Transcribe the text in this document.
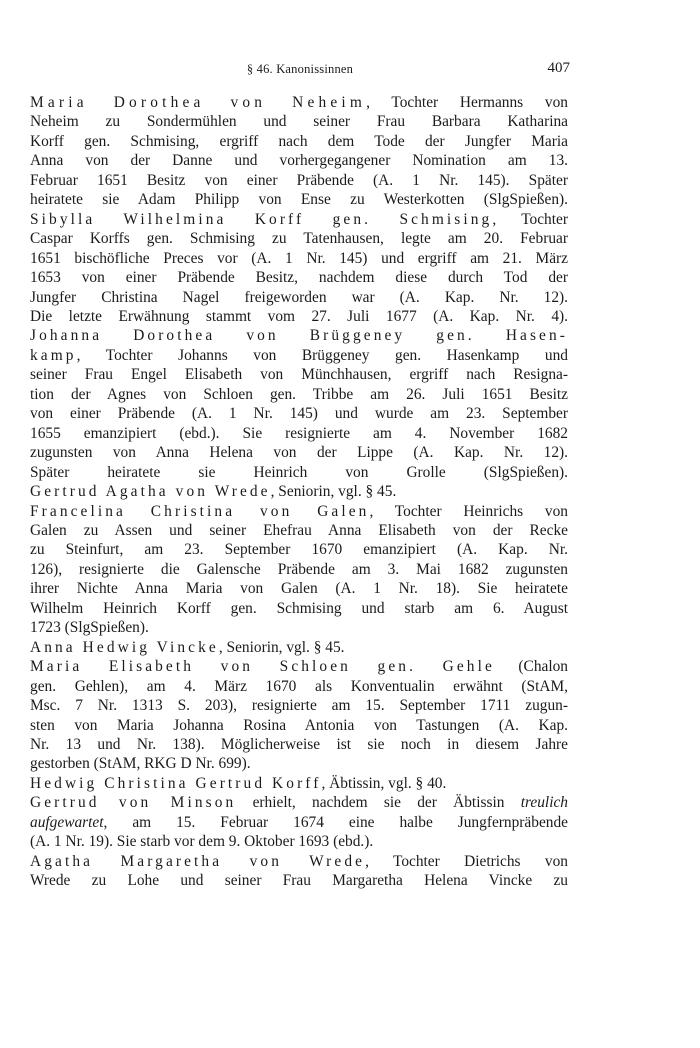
§ 46. Kanonissinnen	407
Maria Dorothea von Neheim, Tochter Hermanns von
Neheim zu Sondermühlen und seiner Frau Barbara Katharina
Korff gen. Schmising, ergriff nach dem Tode der Jungfer Maria
Anna von der Danne und vorhergegangener Nomination am 13.
Februar 1651 Besitz von einer Präbende (A. 1 Nr. 145). Später
heiratete sie Adam Philipp von Ense zu Westerkotten (SlgSpießen).
Sibylla Wilhelmina Korff gen. Schmising, Tochter
Caspar Korffs gen. Schmising zu Tatenhausen, legte am 20. Februar
1651 bischöfliche Preces vor (A. 1 Nr. 145) und ergriff am 21. März
1653 von einer Präbende Besitz, nachdem diese durch Tod der
Jungfer Christina Nagel freigeworden war (A. Kap. Nr. 12).
Die letzte Erwähnung stammt vom 27. Juli 1677 (A. Kap. Nr. 4).
Johanna Dorothea von Brüggeney gen. Hasen-
kamp, Tochter Johanns von Brüggeney gen. Hasenkamp und
seiner Frau Engel Elisabeth von Münchhausen, ergriff nach Resigna-
tion der Agnes von Schloen gen. Tribbe am 26. Juli 1651 Besitz
von einer Präbende (A. 1 Nr. 145) und wurde am 23. September
1655 emanzipiert (ebd.). Sie resignierte am 4. November 1682
zugunsten von Anna Helena von der Lippe (A. Kap. Nr. 12).
Später heiratete sie Heinrich von Grolle (SlgSpießen).
Gertrud Agatha von Wrede, Seniorin, vgl. § 45.
Francelina Christina von Galen, Tochter Heinrichs von
Galen zu Assen und seiner Ehefrau Anna Elisabeth von der Recke
zu Steinfurt, am 23. September 1670 emanzipiert (A. Kap. Nr.
126), resignierte die Galensche Präbende am 3. Mai 1682 zugunsten
ihrer Nichte Anna Maria von Galen (A. 1 Nr. 18). Sie heiratete
Wilhelm Heinrich Korff gen. Schmising und starb am 6. August
1723 (SlgSpießen).
Anna Hedwig Vincke, Seniorin, vgl. § 45.
Maria Elisabeth von Schloen gen. Gehle (Chalon
gen. Gehlen), am 4. März 1670 als Konventualin erwähnt (StAM,
Msc. 7 Nr. 1313 S. 203), resignierte am 15. September 1711 zugun-
sten von Maria Johanna Rosina Antonia von Tastungen (A. Kap.
Nr. 13 und Nr. 138). Möglicherweise ist sie noch in diesem Jahre
gestorben (StAM, RKG D Nr. 699).
Hedwig Christina Gertrud Korff, Äbtissin, vgl. § 40.
Gertrud von Minson erhielt, nachdem sie der Äbtissin treulich
aufgewartet, am 15. Februar 1674 eine halbe Jungfernpräbende
(A. 1 Nr. 19). Sie starb vor dem 9. Oktober 1693 (ebd.).
Agatha Margaretha von Wrede, Tochter Dietrichs von
Wrede zu Lohe und seiner Frau Margaretha Helena Vincke zu
